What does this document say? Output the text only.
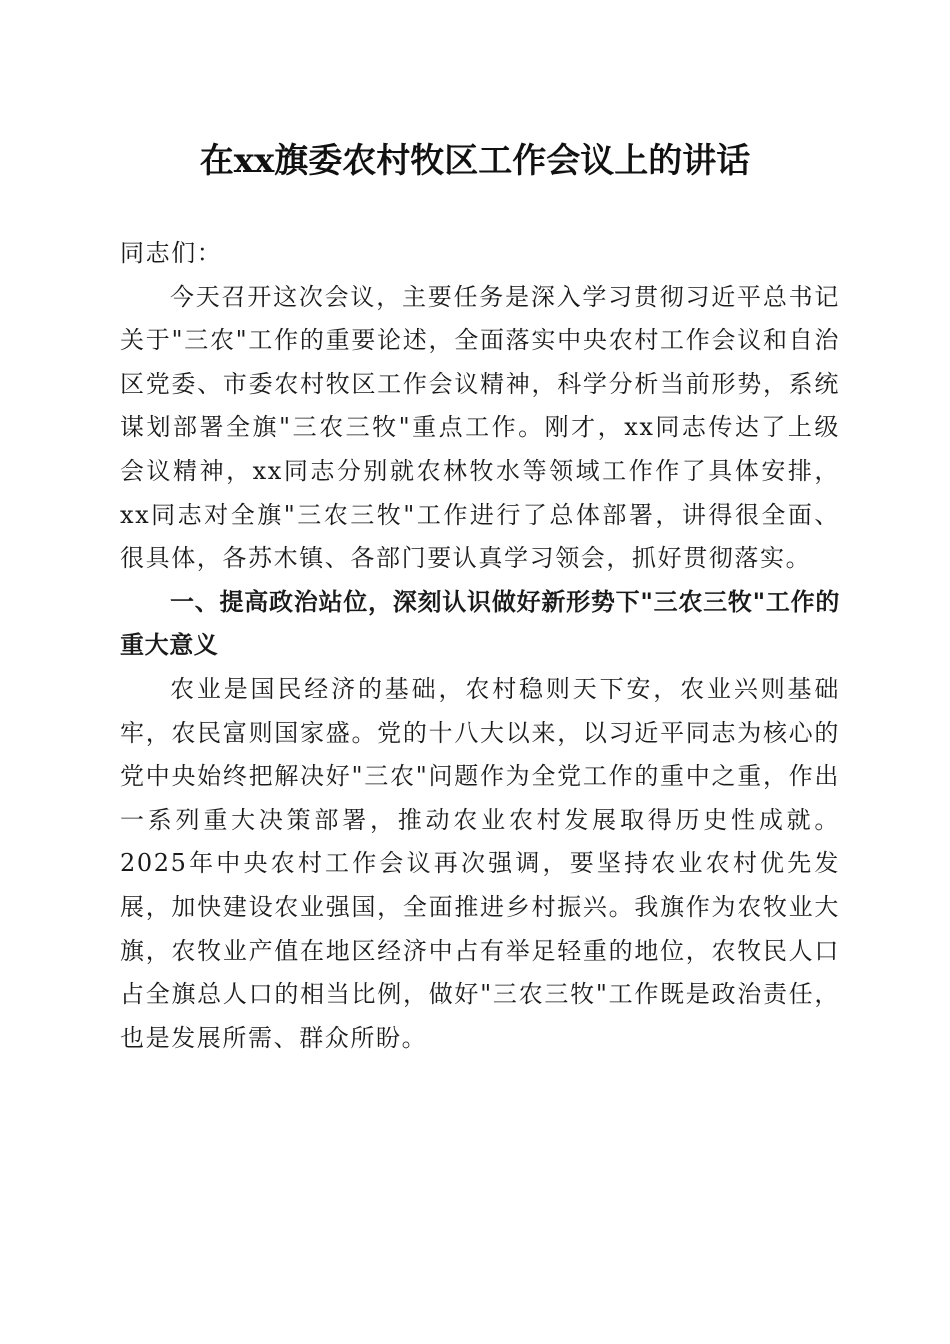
在xx旗委农村牧区工作会议上的讲话

同志们：

今天召开这次会议，主要任务是深入学习贯彻习近平总书记关于"三农"工作的重要论述，全面落实中央农村工作会议和自治区党委、市委农村牧区工作会议精神，科学分析当前形势，系统谋划部署全旗"三农三牧"重点工作。刚才，xx同志传达了上级会议精神，xx同志分别就农林牧水等领域工作作了具体安排，xx同志对全旗"三农三牧"工作进行了总体部署，讲得很全面、很具体，各苏木镇、各部门要认真学习领会，抓好贯彻落实。

一、提高政治站位，深刻认识做好新形势下"三农三牧"工作的重大意义

农业是国民经济的基础，农村稳则天下安，农业兴则基础牢，农民富则国家盛。党的十八大以来，以习近平同志为核心的党中央始终把解决好"三农"问题作为全党工作的重中之重，作出一系列重大决策部署，推动农业农村发展取得历史性成就。2025年中央农村工作会议再次强调，要坚持农业农村优先发展，加快建设农业强国，全面推进乡村振兴。我旗作为农牧业大旗，农牧业产值在地区经济中占有举足轻重的地位，农牧民人口占全旗总人口的相当比例，做好"三农三牧"工作既是政治责任，也是发展所需、群众所盼。
